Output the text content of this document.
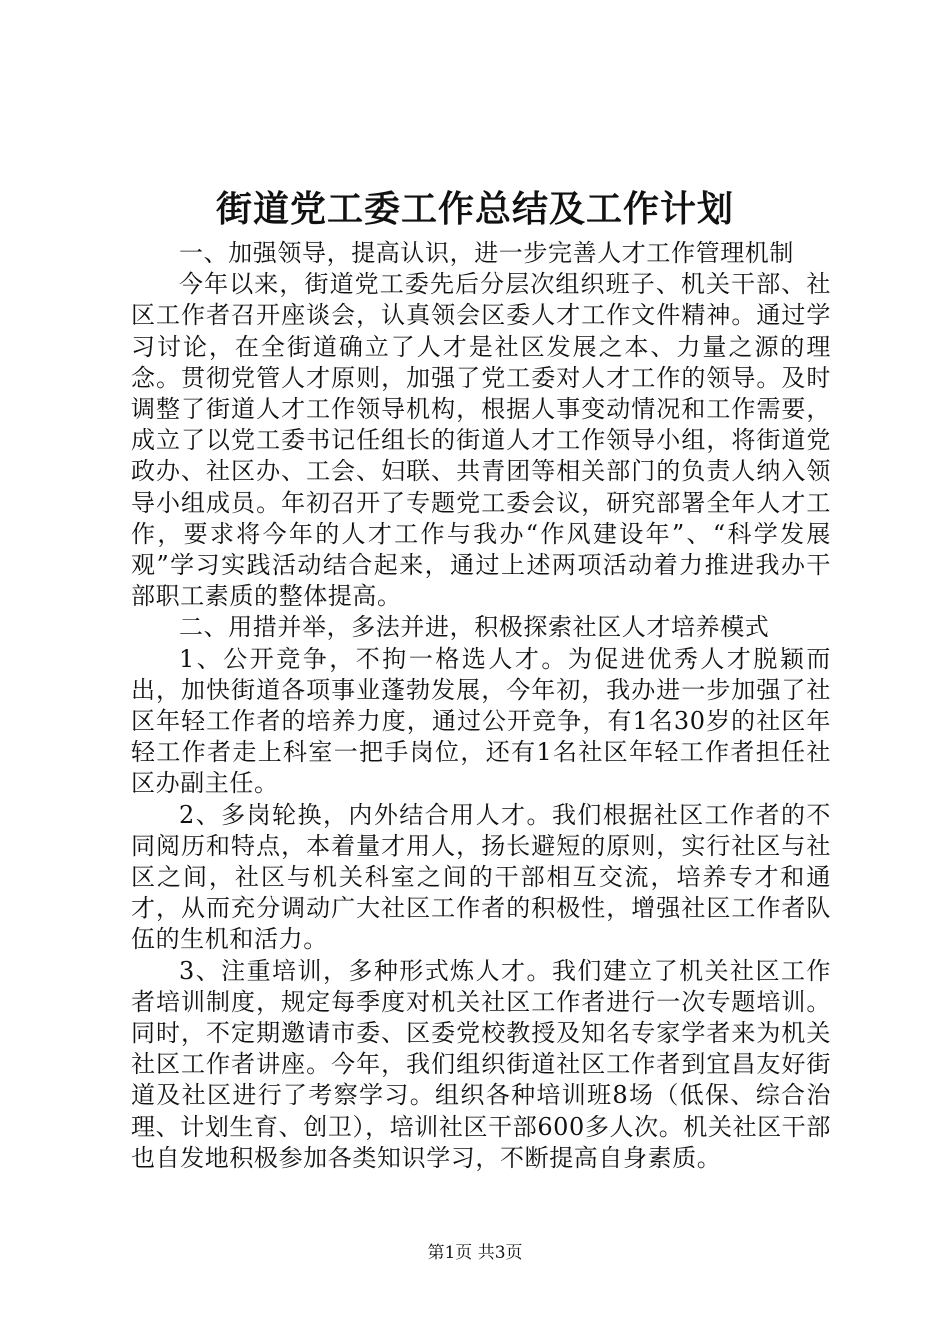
街道党工委工作总结及工作计划

一、加强领导，提高认识，进一步完善人才工作管理机制

今年以来，街道党工委先后分层次组织班子、机关干部、社区工作者召开座谈会，认真领会区委人才工作文件精神。通过学习讨论，在全街道确立了人才是社区发展之本、力量之源的理念。贯彻党管人才原则，加强了党工委对人才工作的领导。及时调整了街道人才工作领导机构，根据人事变动情况和工作需要，成立了以党工委书记任组长的街道人才工作领导小组，将街道党政办、社区办、工会、妇联、共青团等相关部门的负责人纳入领导小组成员。年初召开了专题党工委会议，研究部署全年人才工作，要求将今年的人才工作与我办“作风建设年”、“科学发展观”学习实践活动结合起来，通过上述两项活动着力推进我办干部职工素质的整体提高。

二、用措并举，多法并进，积极探索社区人才培养模式

1、公开竞争，不拘一格选人才。为促进优秀人才脱颖而出，加快街道各项事业蓬勃发展，今年初，我办进一步加强了社区年轻工作者的培养力度，通过公开竞争，有1名30岁的社区年轻工作者走上科室一把手岗位，还有1名社区年轻工作者担任社区办副主任。

2、多岗轮换，内外结合用人才。我们根据社区工作者的不同阅历和特点，本着量才用人，扬长避短的原则，实行社区与社区之间，社区与机关科室之间的干部相互交流，培养专才和通才，从而充分调动广大社区工作者的积极性，增强社区工作者队伍的生机和活力。

3、注重培训，多种形式炼人才。我们建立了机关社区工作者培训制度，规定每季度对机关社区工作者进行一次专题培训。同时，不定期邀请市委、区委党校教授及知名专家学者来为机关社区工作者讲座。今年，我们组织街道社区工作者到宜昌友好街道及社区进行了考察学习。组织各种培训班8场（低保、综合治理、计划生育、创卫），培训社区干部600多人次。机关社区干部也自发地积极参加各类知识学习，不断提高自身素质。

第1页 共3页
